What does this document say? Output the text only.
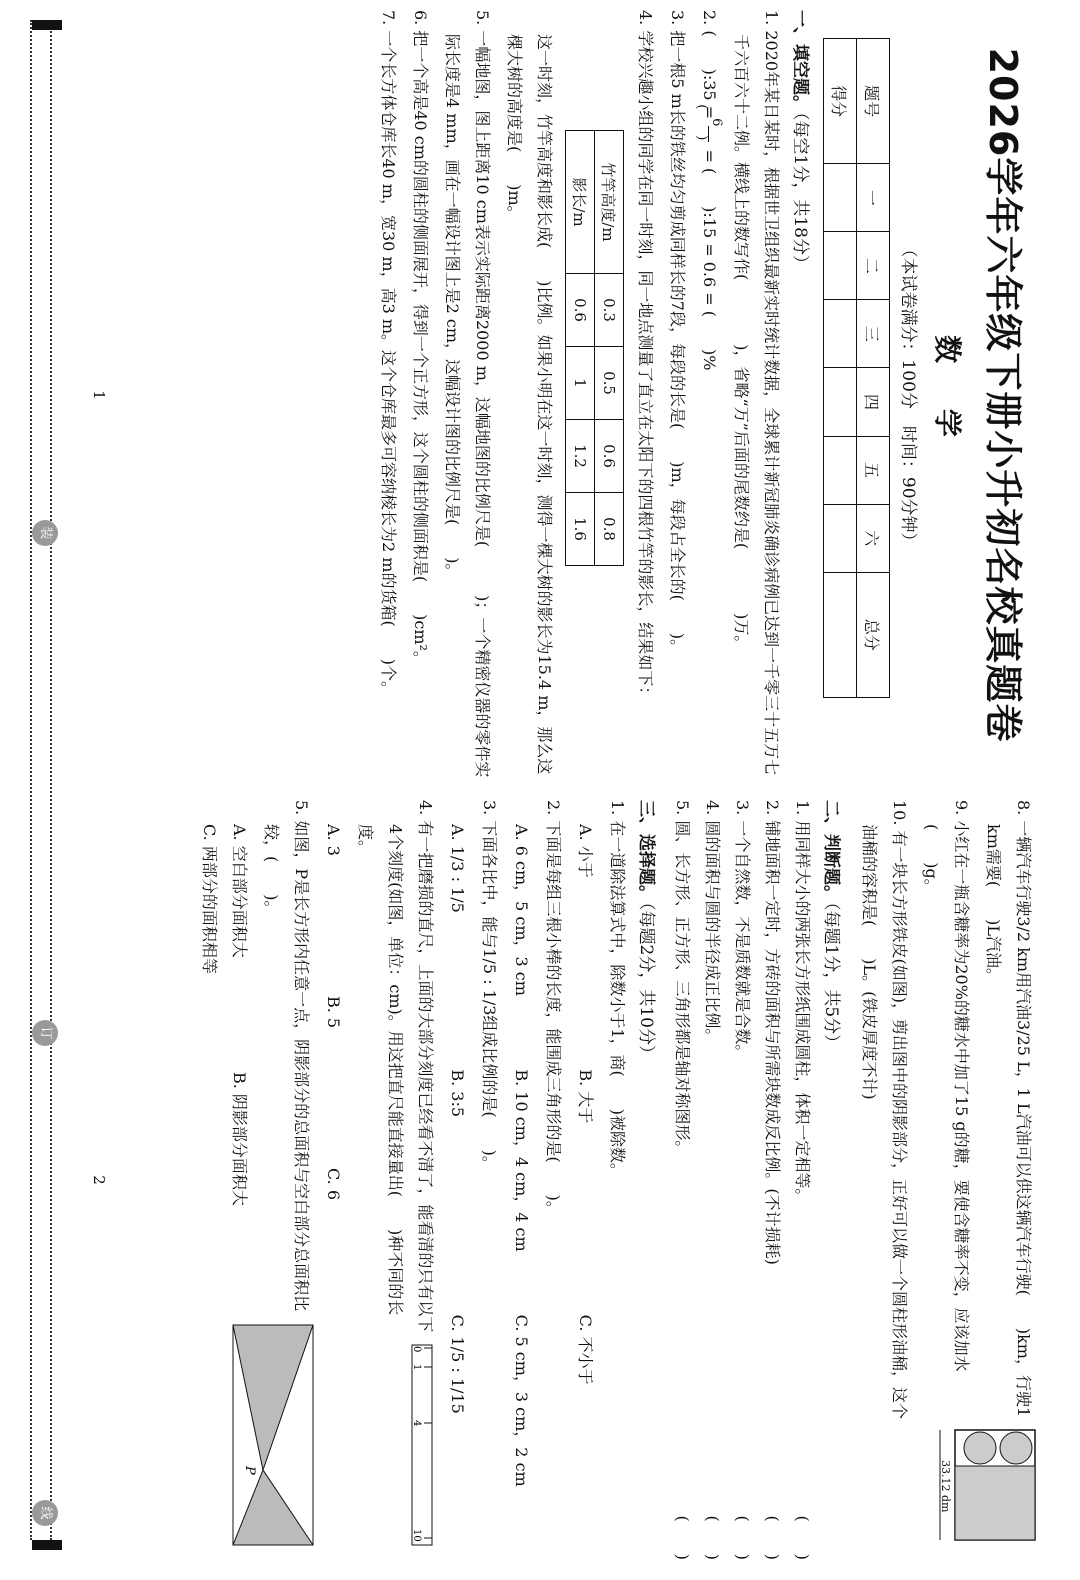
装
订
线
2026学年六年级下册小升初名校真题卷
数 学
（本试卷满分：100分　时间：90分钟）
题号	一	二	三	四	五	六	总分
得分							
一、填空题。（每空1分，共18分）
1. 2020年某日某时，根据世卫组织最新实时统计数据，全球累计新冠肺炎确诊病例已达到一千零三十五万七千六百六十二例。横线上的数写作(　　　　)，省略“万”后面的尾数约是(　　　　)万。
2. (　　):35 =
6
(　　)
= (　　):15 = 0.6 = (　　)%
3. 把一根5 m长的铁丝均匀剪成同样长的7段，每段的长是(　　)m，每段占全长的(　　)。
4. 学校兴趣小组的同学在同一时刻，同一地点测量了直立在太阳下的四根竹竿的影长，结果如下：
竹竿高度/m	0.3	0.5	0.6	0.8
影长/m	0.6	1	1.2	1.6
这一时刻，竹竿高度和影长成(　　)比例。如果小明在这一时刻，测得一棵大树的影长为15.4 m，那么这棵大树的高度是(　　)m。
5. 一幅地图，图上距离10 cm表示实际距离2000 m，这幅地图的比例尺是(　　　)；一个精密仪器的零件实际长度是4 mm，画在一幅设计图上是2 cm，这幅设计图的比例尺是(　　)。
6. 把一个高是40 cm的圆柱的侧面展开，得到一个正方形，这个圆柱的侧面积是(　　)cm²。
7. 一个长方体仓库长40 m，宽30 m，高3 m。这个仓库最多可容纳棱长为2 m的货箱(　　)个。
1
8. 一辆汽车行驶3/2 km用汽油3/25 L，1 L汽油可以供这辆汽车行驶(　　)km，行驶1 km需要(　　)L汽油。
9. 小红在一瓶含糖率为20%的糖水中加了15 g的糖，要使含糖率不变，应该加水(　　)g。
10. 有一块长方形铁皮(如图)，剪出图中的阴影部分，正好可以做一个圆柱形油桶，这个油桶的容积是(　　)L。(铁皮厚度不计)
33.12 dm
二、判断题。（每题1分，共5分）
1. 用同样大小的两张长方形纸围成圆柱，体积一定相等。
(　　)
2. 铺地面积一定时，方砖的面积与所需块数成反比例。(不计损耗)
(　　)
3. 一个自然数，不是质数就是合数。
(　　)
4. 圆的面积与圆的半径成正比例。
(　　)
5. 圆、长方形、正方形、三角形都是轴对称图形。
(　　)
三、选择题。（每题2分，共10分）
1. 在一道除法算式中，除数小于1，商(　　)被除数。
A. 小于
B. 大于
C. 不小于
2. 下面是每组三根小棒的长度，能围成三角形的是(　　)。
A. 6 cm，5 cm，3 cm
B. 10 cm，4 cm，4 cm
C. 5 cm，3 cm，2 cm
3. 下面各比中，能与1/5 : 1/3组成比例的是(　　)。
A. 1/3 : 1/5
B. 3:5
C. 1/5 : 1/15
4. 有一把磨损的直尺，上面的大部分刻度已经看不清了，能看清的只有以下4个刻度(如图，单位：cm)。用这把直尺能直接量出(　　)种不同的长度。
A. 3
B. 5
C. 6
0
1
4
10
5. 如图，P是长方形内任意一点，阴影部分的总面积与空白部分总面积比较，(　　)。
A. 空白部分面积大
B. 阴影部分面积大
C. 两部分的面积相等
P
2
